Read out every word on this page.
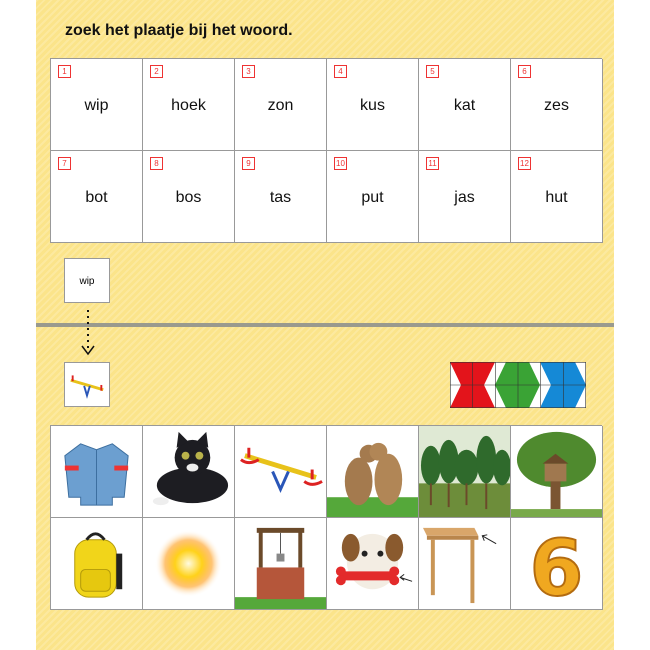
zoek het plaatje bij het woord.
1
wip
2
hoek
3
zon
4
kus
5
kat
6
zes
7
bot
8
bos
9
tas
10
put
11
jas
12
hut
wip
6
